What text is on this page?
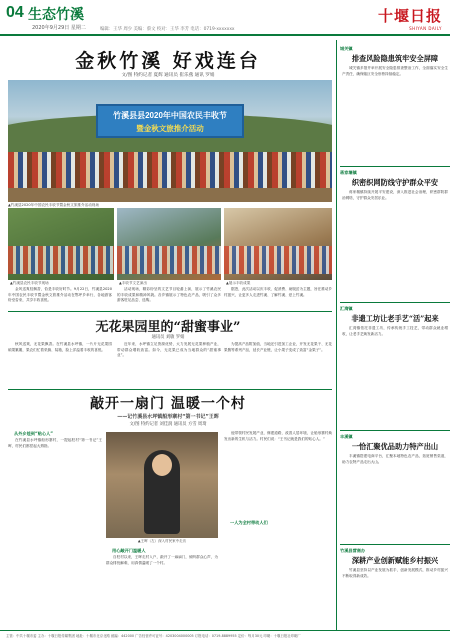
04 生态竹溪
2020年9月29日 星期二	编辑：王华 周少 美编：蔡文 校对：王华 李芳 电话：0719-xxxxxxx
十堰日报
SHIYAN DAILY
金秋竹溪 好戏连台
文/图 特约记者 夏辉 通讯员 崔乐燕 通讯 罗娟
竹溪县县2020年中国农民丰收节
暨金秋文旅推介活动
▲竹溪县2020年中国农民丰收节暨金秋文旅推介活动现场
▲竹溪县农民丰收节现场	▲丰收节文艺演出	▲展示丰收成果

金风送爽桂飘香，恰是丰收好时节。9月22日，竹溪县2020年中国农民丰收节暨金秋文旅推介活动在鄂坪乡举行，各地游客纷至沓来，共享丰收喜悦。

活动现场，精彩纷呈的文艺节目轮番上演，展示了竹溪农民的丰收成果和精神风貌。各乡镇展示了特色农产品，吸引了众多游客驻足品尝、选购。

据悉，此次活动以庆丰收、促消费、助脱贫为主题，旨在推动乡村振兴，让更多人走进竹溪、了解竹溪、爱上竹溪。

无花果园里的“甜蜜事业”
通讯员 刘敏 罗娟

秋风送爽，无花果飘香。在竹溪县水坪镇，一片片无花果园硕果累累，果农们忙着采摘、装箱，脸上洋溢着丰收的喜悦。

近年来，水坪镇立足资源优势，大力发展无花果种植产业，带动群众增收致富。如今，无花果已成为当地群众的“甜蜜事业”。

为提高产品附加值，当地还引进加工企业，开发无花果干、无花果酱等系列产品，延长产业链，让小果子变成了致富“金果子”。

敲开一扇门 温暖一个村
——记竹溪县水坪镇船形寨村“第一书记”王晖
文/图 特约记者 刘佳润 通讯员 方雪 周琦
从外乡娃到“贴心人”

在竹溪县水坪镇船形寨村，一提起驻村“第一书记”王晖，村民们都竖起大拇指。

▲王晖（左）深入村民家中走访
用心敲开门温暖人

自驻村以来，王晖走村入户，敲开了一扇扇门，倾听群众心声，为群众排忧解难，用真情温暖了一个村。

一人为全村带动人们

他带领村民发展产业，修建道路，改善人居环境，让船形寨村焕发出新的生机与活力。村民们说：“王书记就是我们的贴心人。”

城关镇
排查风险隐患筑牢安全屏障

城关镇多措并举开展安全隐患排查整治工作，全面落实安全生产责任，确保辖区安全形势持续稳定。

蒋家堰镇
织密织网防线守护群众平安

蒋家堰镇持续开展平安建设，深入推进社会治理，织密群防群治网络，守护群众安居乐业。

汇湾镇
非遗工坊让老手艺“活”起来

汇湾镇依托非遗工坊，传承传统手工技艺，带动群众就业增收，让老手艺焕发新活力。

丰溪镇
一恰汇聚优品助力特产出山

丰溪镇搭建电商平台，汇聚本地特色农产品，拓宽销售渠道，助力农特产品走出大山。

竹溪县营商办
深耕产业创新赋能乡村振兴

竹溪县坚持以产业发展为抓手，创新发展模式，推动乡村振兴不断取得新成效。

主管：中共十堰市委 主办：十堰日报传媒集团 地址：十堰市北京北路 邮编：442000 广告经营许可证号：4203004000005 订报电话：0719-8889955 定价：每月30元 印刷：十堰日报社印刷厂
